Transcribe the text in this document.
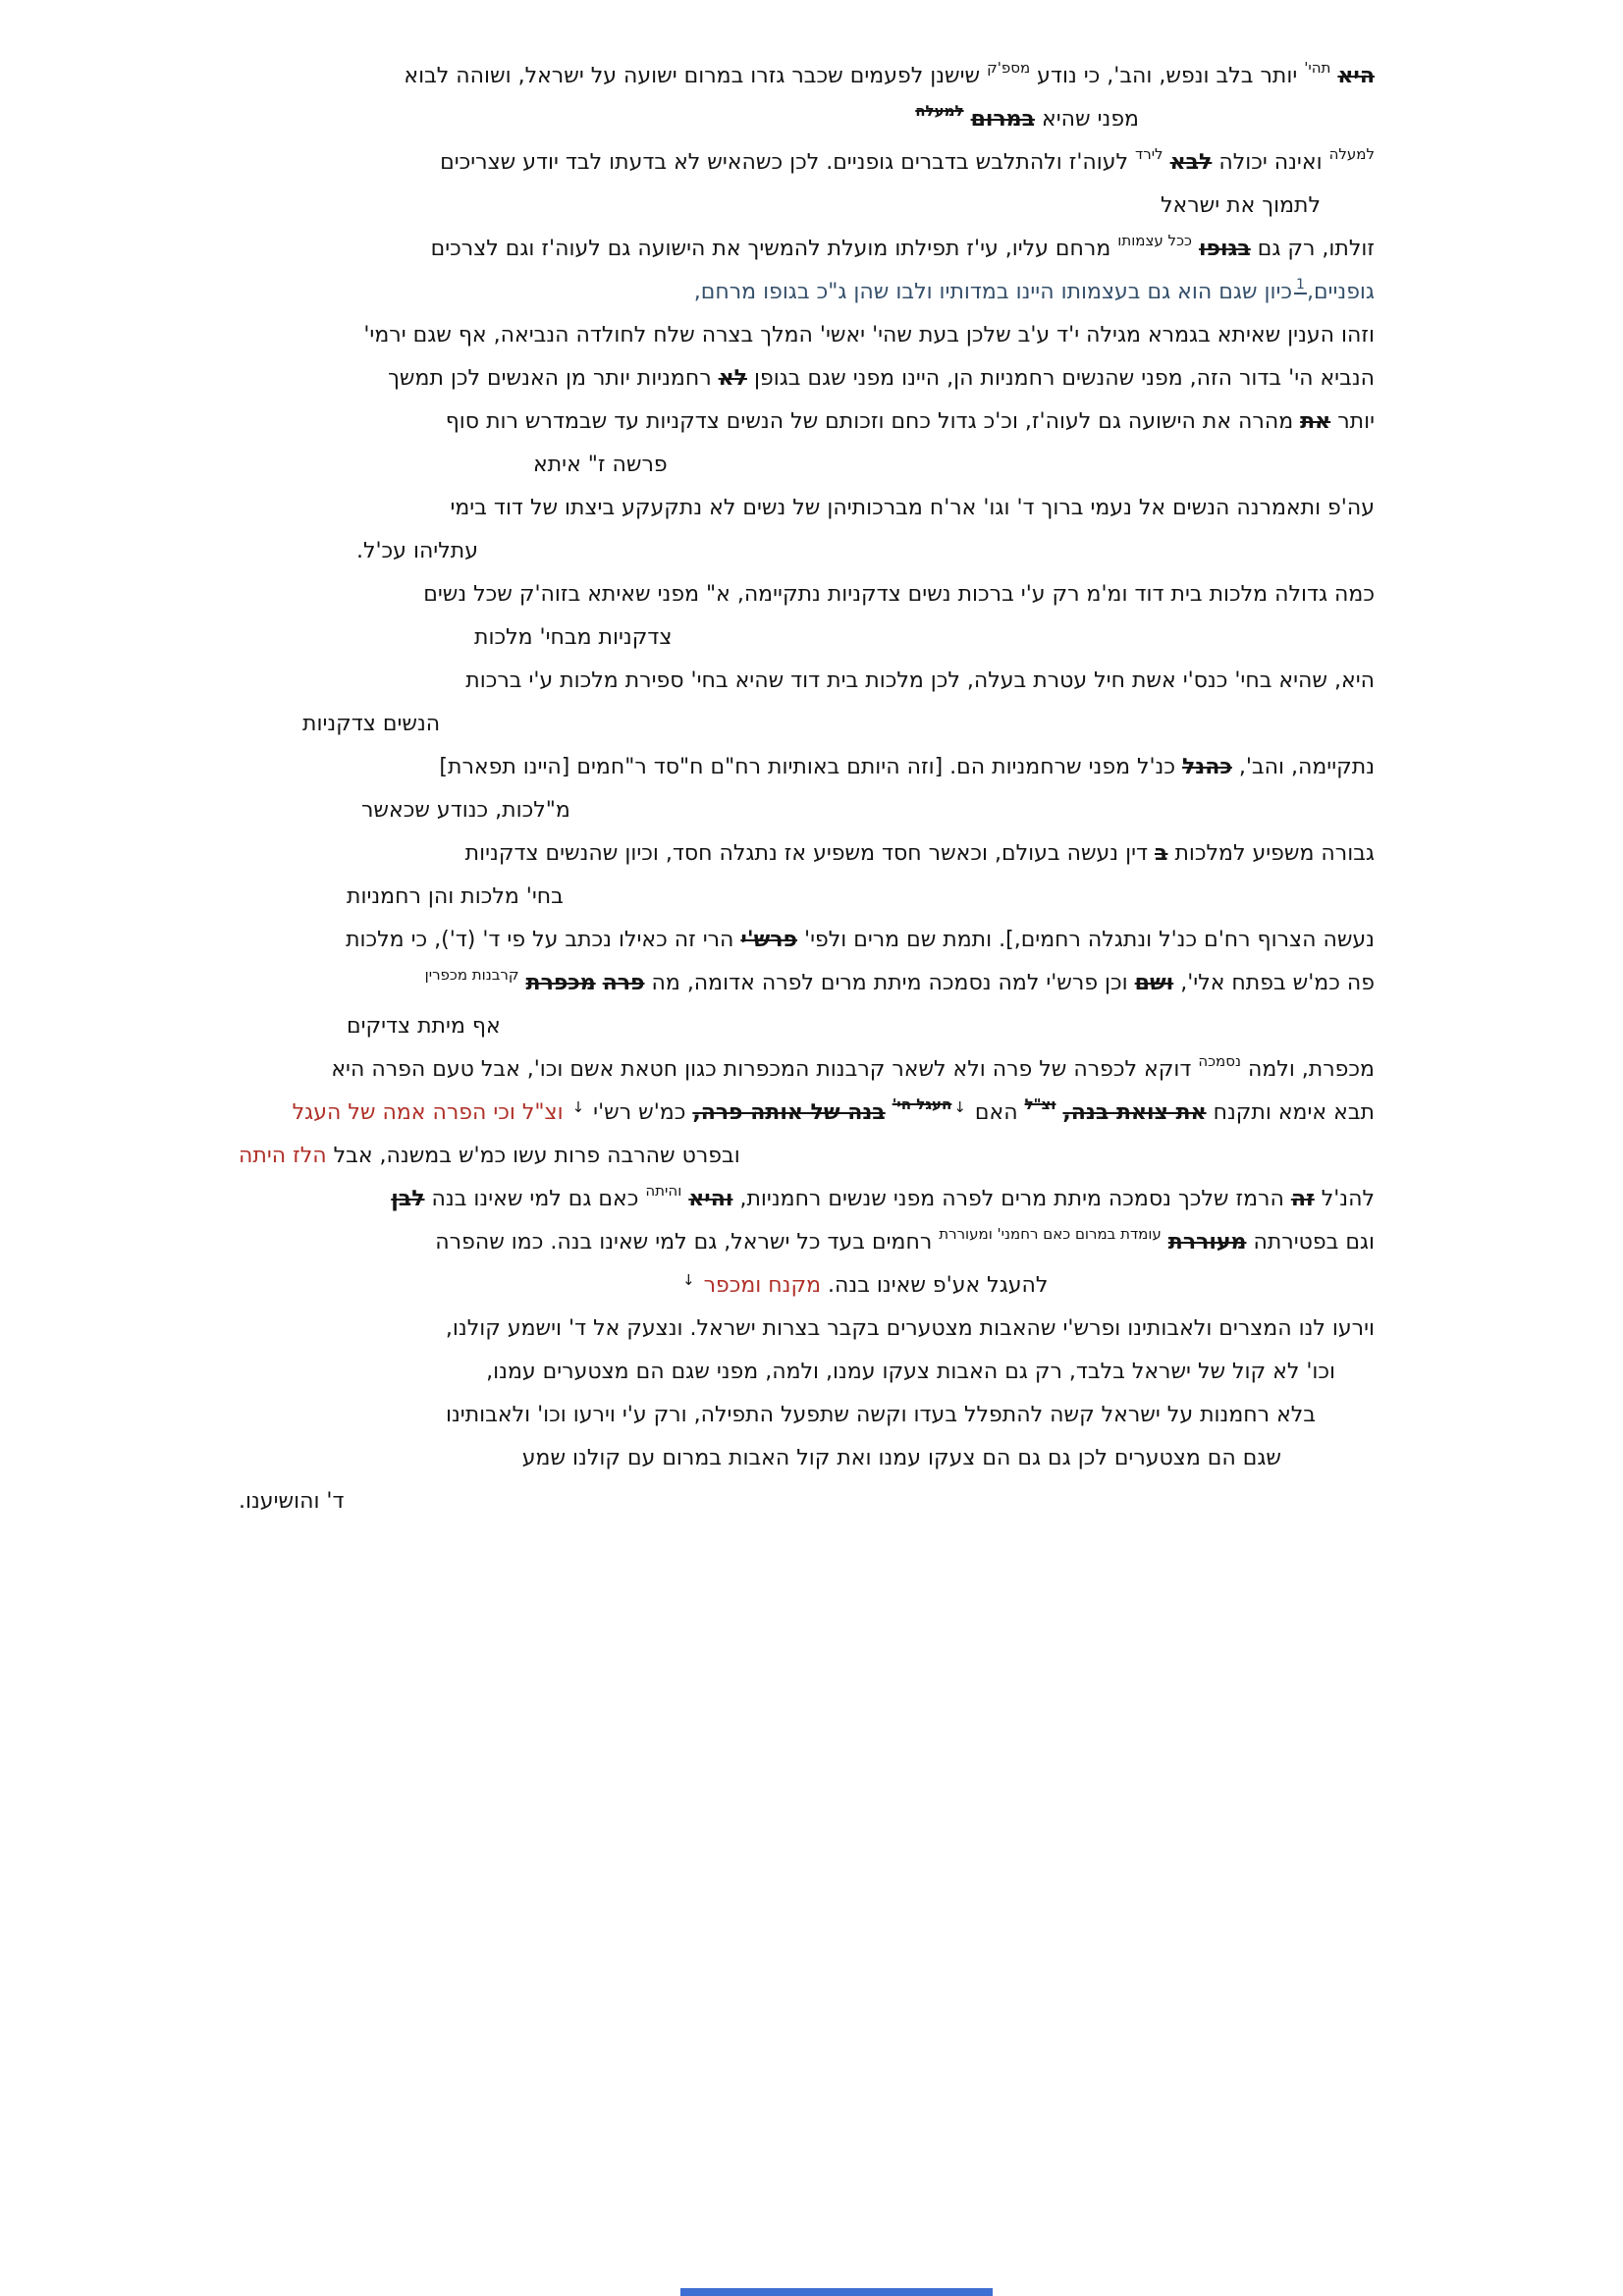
היא $^{תהי'}$ יותר בלב ונפש, והב', כי נודע $^{מספ'ק}$ שישנן לפעמים שכבר גזרו במרום ישועה על ישראל, ושוהה לבוא
מפני שהיא במרום $^{למעלה}$
$^{למעלה}$ ואינה יכולה לבא $^{לירד}$ לעוה'ז ולהתלבש בדברים גופניים. לכן כשהאיש לא בדעתו לבד יודע שצריכים
לתמוך את ישראל
זולתו, רק גם בגופו $^{ככל עצמותו}$ מרחם עליו, עי'ז תפילתו מועלת להמשיך את הישועה גם לעוה'ז וגם לצרכים
גופניים,$^1$כיון שגם הוא גם בעצמותו היינו במדותיו ולבו שהן ג"כ בגופו מרחם,
וזהו הענין שאיתא בגמרא מגילה י'ד ע'ב שלכן בעת שהי' יאשי' המלך בצרה שלח לחולדה הנביאה, אף שגם ירמי'
הנביא הי' בדור הזה, מפני שהנשים רחמניות הן, היינו מפני שגם בגופן לא רחמניות יותר מן האנשים לכן תמשך
יותר את מהרה את הישועה גם לעוה'ז, וכ'כ גדול כחם וזכותם של הנשים צדקניות עד שבמדרש רות סוף
פרשה ז" איתא
עה'פ ותאמרנה הנשים אל נעמי ברוך ד' וגו' אר'ח מברכותיהן של נשים לא נתקעקע ביצתו של דוד בימי
עתליהו עכ'ל.
כמה גדולה מלכות בית דוד ומ'מ רק ע'י ברכות נשים צדקניות נתקיימה, א" מפני שאיתא בזוה'ק שכל נשים
צדקניות מבחי' מלכות
היא, שהיא בחי' כנס'י אשת חיל עטרת בעלה, לכן מלכות בית דוד שהיא בחי' ספירת מלכות ע'י ברכות
הנשים צדקניות
נתקיימה, והב', כהנל כנ'ל מפני שרחמניות הם. [וזה היותם באותיות רח"ם ח"סד ר"חמים [היינו תפארת]
מ"לכות, כנודע שכאשר
גבורה משפיע למלכות ב דין נעשה בעולם, וכאשר חסד משפיע אז נתגלה חסד, וכיון שהנשים צדקניות
בחי' מלכות והן רחמניות
נעשה הצרוף רח'ם כנ'ל ונתגלה רחמים,]. ותמת שם מרים ולפי' פרש'י הרי זה כאילו נכתב על פי ד' (ד'), כי מלכות
פה כמ'ש בפתח אלי', ושם וכן פרש'י למה נסמכה מיתת מרים לפרה אדומה, מה פרה מכפרת $^{קרבנות מכפרין}$
אף מיתת צדיקים
מכפרת, ולמה $^{נסמכה}$ דוקא לכפרה של פרה ולא לשאר קרבנות המכפרות כגון חטאת אשם וכו', אבל טעם הפרה היא
תבא אימא ותקנח את צואת בנה, $^{וצ"ל}$ האם $^{↓העגל הי'}$ בנה של אותה פרה, כמ'ש רש'י ↓ וצ"ל וכי הפרה אמה של העגל
ובפרט שהרבה פרות עשו כמ'ש במשנה, אבל הלז היתה
להנ'ל זה הרמז שלכך נסמכה מיתת מרים לפרה מפני שנשים רחמניות, והיא $^{והיתה}$ כאם גם למי שאינו בנה לבן
וגם בפטירתה מעוררת $^{עומדת במרום כאם רחמני' ומעוררת}$ רחמים בעד כל ישראל, גם למי שאינו בנה. כמו שהפרה
להעגל אע'פ שאינו בנה. מקנח ומכפר ↓
וירעו לנו המצרים ולאבותינו ופרש'י שהאבות מצטערים בקבר בצרות ישראל. ונצעק אל ד' וישמע קולנו,
וכו' לא קול של ישראל בלבד, רק גם האבות צעקו עמנו, ולמה, מפני שגם הם מצטערים עמנו,
בלא רחמנות על ישראל קשה להתפלל בעדו וקשה שתפעל התפילה, ורק ע'י וירעו וכו' ולאבותינו
שגם הם מצטערים לכן גם גם הם צעקו עמנו ואת קול האבות במרום עם קולנו שמע
ד' והושיענו.
